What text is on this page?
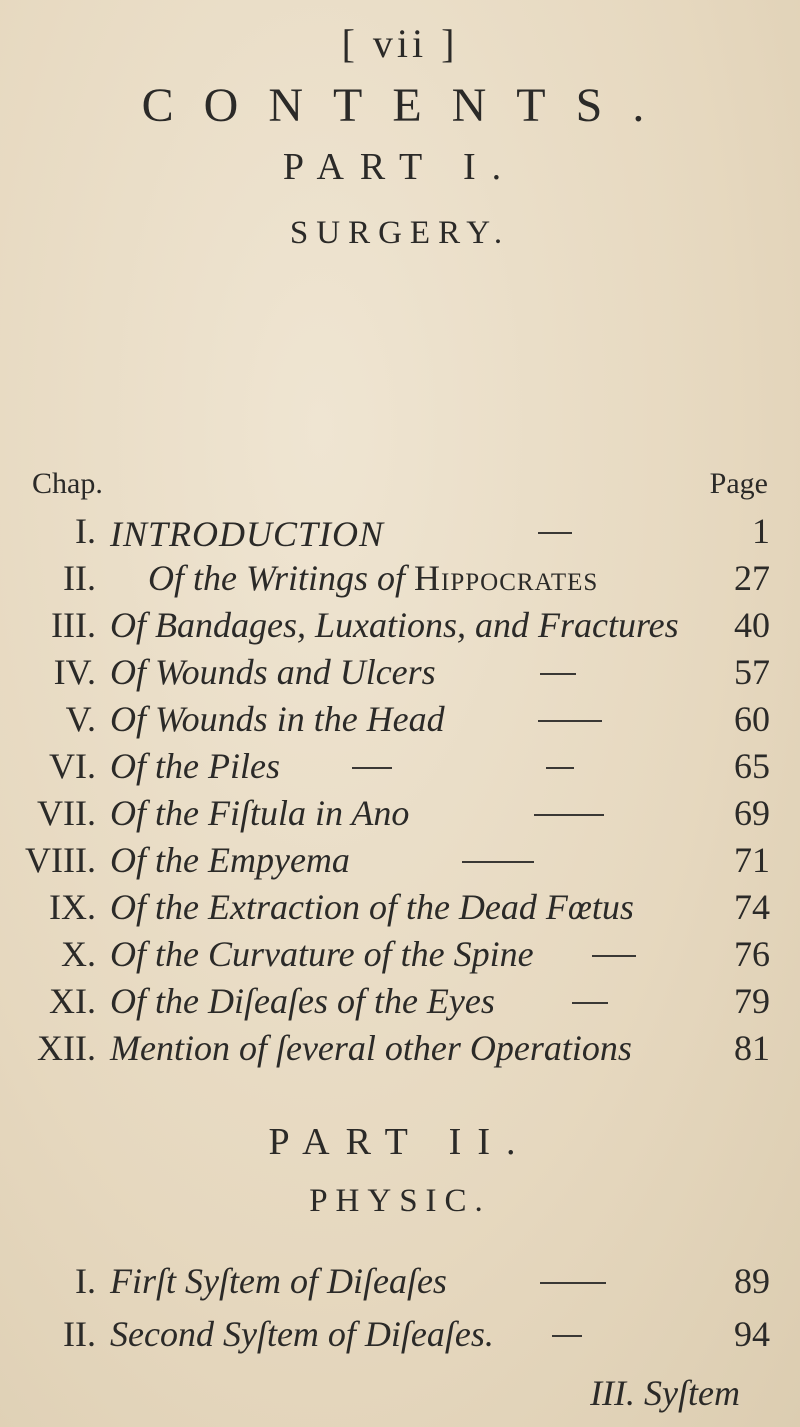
[ vii ]
CONTENTS.
PART I.
SURGERY.
Chap.	Page
I. INTRODUCTION	1
II. Of the Writings of Hippocrates	27
III. Of Bandages, Luxations, and Fractures 40
IV. Of Wounds and Ulcers	57
V. Of Wounds in the Head	60
VI. Of the Piles	65
VII. Of the Fiſtula in Ano	69
VIII. Of the Empyema	71
IX. Of the Extraction of the Dead Fœtus	74
X. Of the Curvature of the Spine	76
XI. Of the Diſeaſes of the Eyes	79
XII. Mention of ſeveral other Operations	81
PART II.
PHYSIC.
I. Firſt Syſtem of Diſeaſes	89
II. Second Syſtem of Diſeaſes.	94
III. Syſtem
